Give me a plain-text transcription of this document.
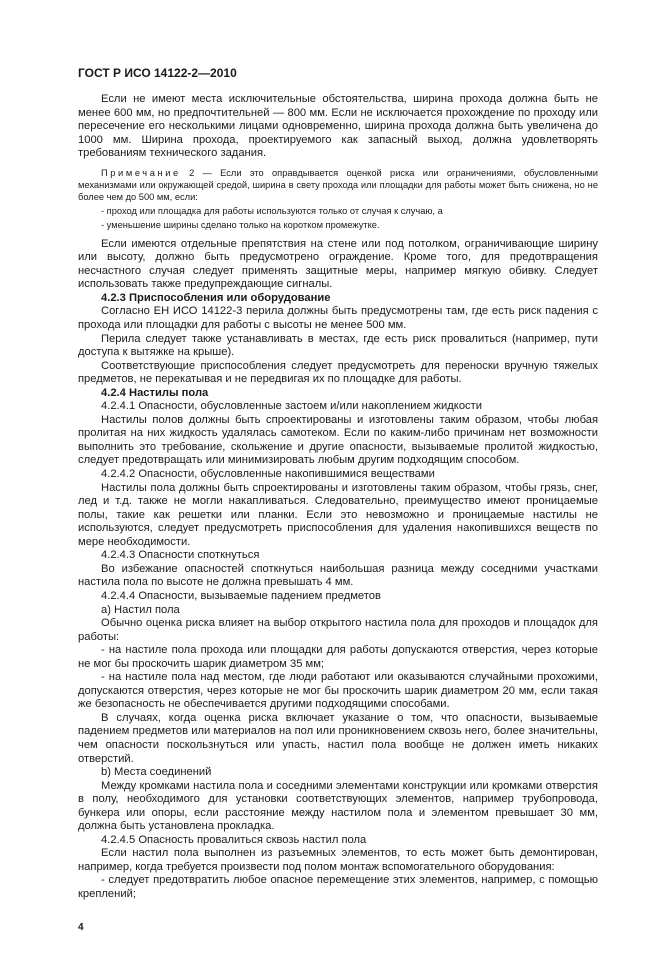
ГОСТ Р ИСО 14122-2—2010

Если не имеют места исключительные обстоятельства, ширина прохода должна быть не менее 600 мм, но предпочтительней — 800 мм. Если не исключается прохождение по проходу или пересечение его несколькими лицами одновременно, ширина прохода должна быть увеличена до 1000 мм. Ширина прохода, проектируемого как запасный выход, должна удовлетворять требованиям технического задания.

Примечание 2 — Если это оправдывается оценкой риска или ограничениями, обусловленными механизмами или окружающей средой, ширина в свету прохода или площадки для работы может быть снижена, но не более чем до 500 мм, если:

- проход или площадка для работы используются только от случая к случаю, а

- уменьшение ширины сделано только на коротком промежутке.

Если имеются отдельные препятствия на стене или под потолком, ограничивающие ширину или высоту, должно быть предусмотрено ограждение. Кроме того, для предотвращения несчастного случая следует применять защитные меры, например мягкую обивку. Следует использовать также предупреждающие сигналы.

4.2.3 Приспособления или оборудование

Согласно ЕН ИСО 14122-3 перила должны быть предусмотрены там, где есть риск падения с прохода или площадки для работы с высоты не менее 500 мм.

Перила следует также устанавливать в местах, где есть риск провалиться (например, пути доступа к вытяжке на крыше).

Соответствующие приспособления следует предусмотреть для переноски вручную тяжелых предметов, не перекатывая и не передвигая их по площадке для работы.

4.2.4 Настилы пола

4.2.4.1 Опасности, обусловленные застоем и/или накоплением жидкости

Настилы полов должны быть спроектированы и изготовлены таким образом, чтобы любая пролитая на них жидкость удалялась самотеком. Если по каким-либо причинам нет возможности выполнить это требование, скольжение и другие опасности, вызываемые пролитой жидкостью, следует предотвращать или минимизировать любым другим подходящим способом.

4.2.4.2 Опасности, обусловленные накопившимися веществами

Настилы пола должны быть спроектированы и изготовлены таким образом, чтобы грязь, снег, лед и т.д. также не могли накапливаться. Следовательно, преимущество имеют проницаемые полы, такие как решетки или планки. Если это невозможно и проницаемые настилы не используются, следует предусмотреть приспособления для удаления накопившихся веществ по мере необходимости.

4.2.4.3 Опасности споткнуться

Во избежание опасностей споткнуться наибольшая разница между соседними участками настила пола по высоте не должна превышать 4 мм.

4.2.4.4 Опасности, вызываемые падением предметов

а) Настил пола

Обычно оценка риска влияет на выбор открытого настила пола для проходов и площадок для работы:

- на настиле пола прохода или площадки для работы допускаются отверстия, через которые не мог бы проскочить шарик диаметром 35 мм;

- на настиле пола над местом, где люди работают или оказываются случайными прохожими, допускаются отверстия, через которые не мог бы проскочить шарик диаметром 20 мм, если такая же безопасность не обеспечивается другими подходящими способами.

В случаях, когда оценка риска включает указание о том, что опасности, вызываемые падением предметов или материалов на пол или проникновением сквозь него, более значительны, чем опасности поскользнуться или упасть, настил пола вообще не должен иметь никаких отверстий.

b) Места соединений

Между кромками настила пола и соседними элементами конструкции или кромками отверстия в полу, необходимого для установки соответствующих элементов, например трубопровода, бункера или опоры, если расстояние между настилом пола и элементом превышает 30 мм, должна быть установлена прокладка.

4.2.4.5 Опасность провалиться сквозь настил пола

Если настил пола выполнен из разъемных элементов, то есть может быть демонтирован, например, когда требуется произвести под полом монтаж вспомогательного оборудования:

- следует предотвратить любое опасное перемещение этих элементов, например, с помощью креплений;

4
